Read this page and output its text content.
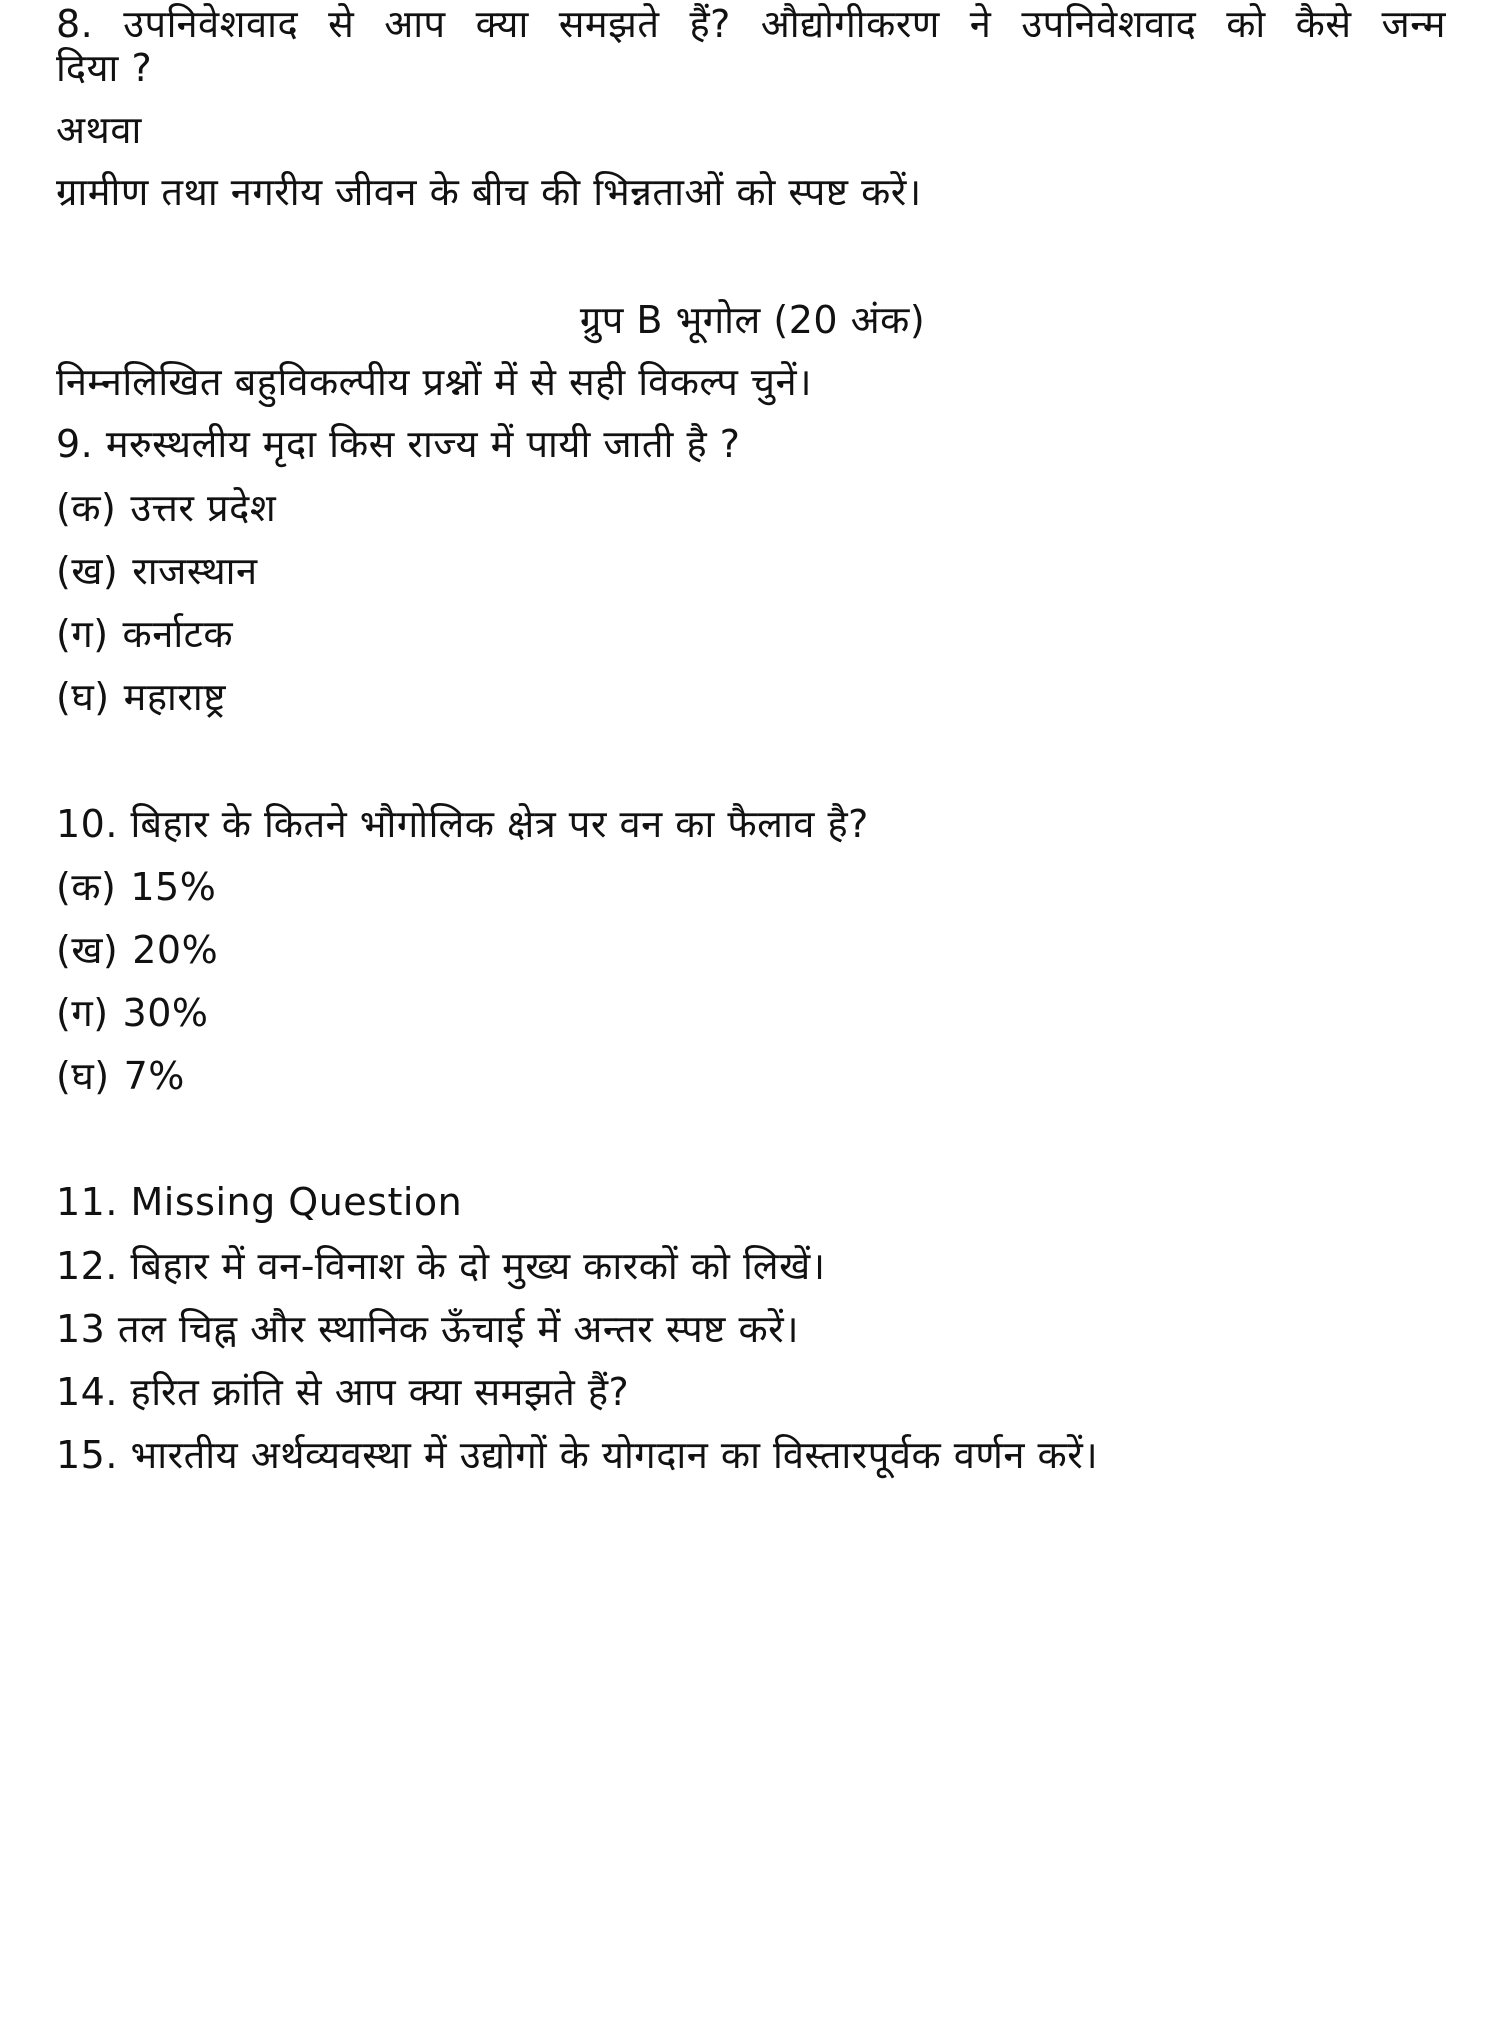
8. उपनिवेशवाद से आप क्या समझते हैं? औद्योगीकरण ने उपनिवेशवाद को कैसे जन्म
दिया ?
अथवा
ग्रामीण तथा नगरीय जीवन के बीच की भिन्नताओं को स्पष्ट करें।
ग्रुप B भूगोल (20 अंक)
निम्नलिखित बहुविकल्पीय प्रश्नों में से सही विकल्प चुनें।
9. मरुस्थलीय मृदा किस राज्य में पायी जाती है ?
(क) उत्तर प्रदेश
(ख) राजस्थान
(ग) कर्नाटक
(घ) महाराष्ट्र
10. बिहार के कितने भौगोलिक क्षेत्र पर वन का फैलाव है?
(क) 15%
(ख) 20%
(ग) 30%
(घ) 7%
11. Missing Question
12. बिहार में वन-विनाश के दो मुख्य कारकों को लिखें।
13 तल चिह्न और स्थानिक ऊँचाई में अन्तर स्पष्ट करें।
14. हरित क्रांति से आप क्या समझते हैं?
15. भारतीय अर्थव्यवस्था में उद्योगों के योगदान का विस्तारपूर्वक वर्णन करें।
